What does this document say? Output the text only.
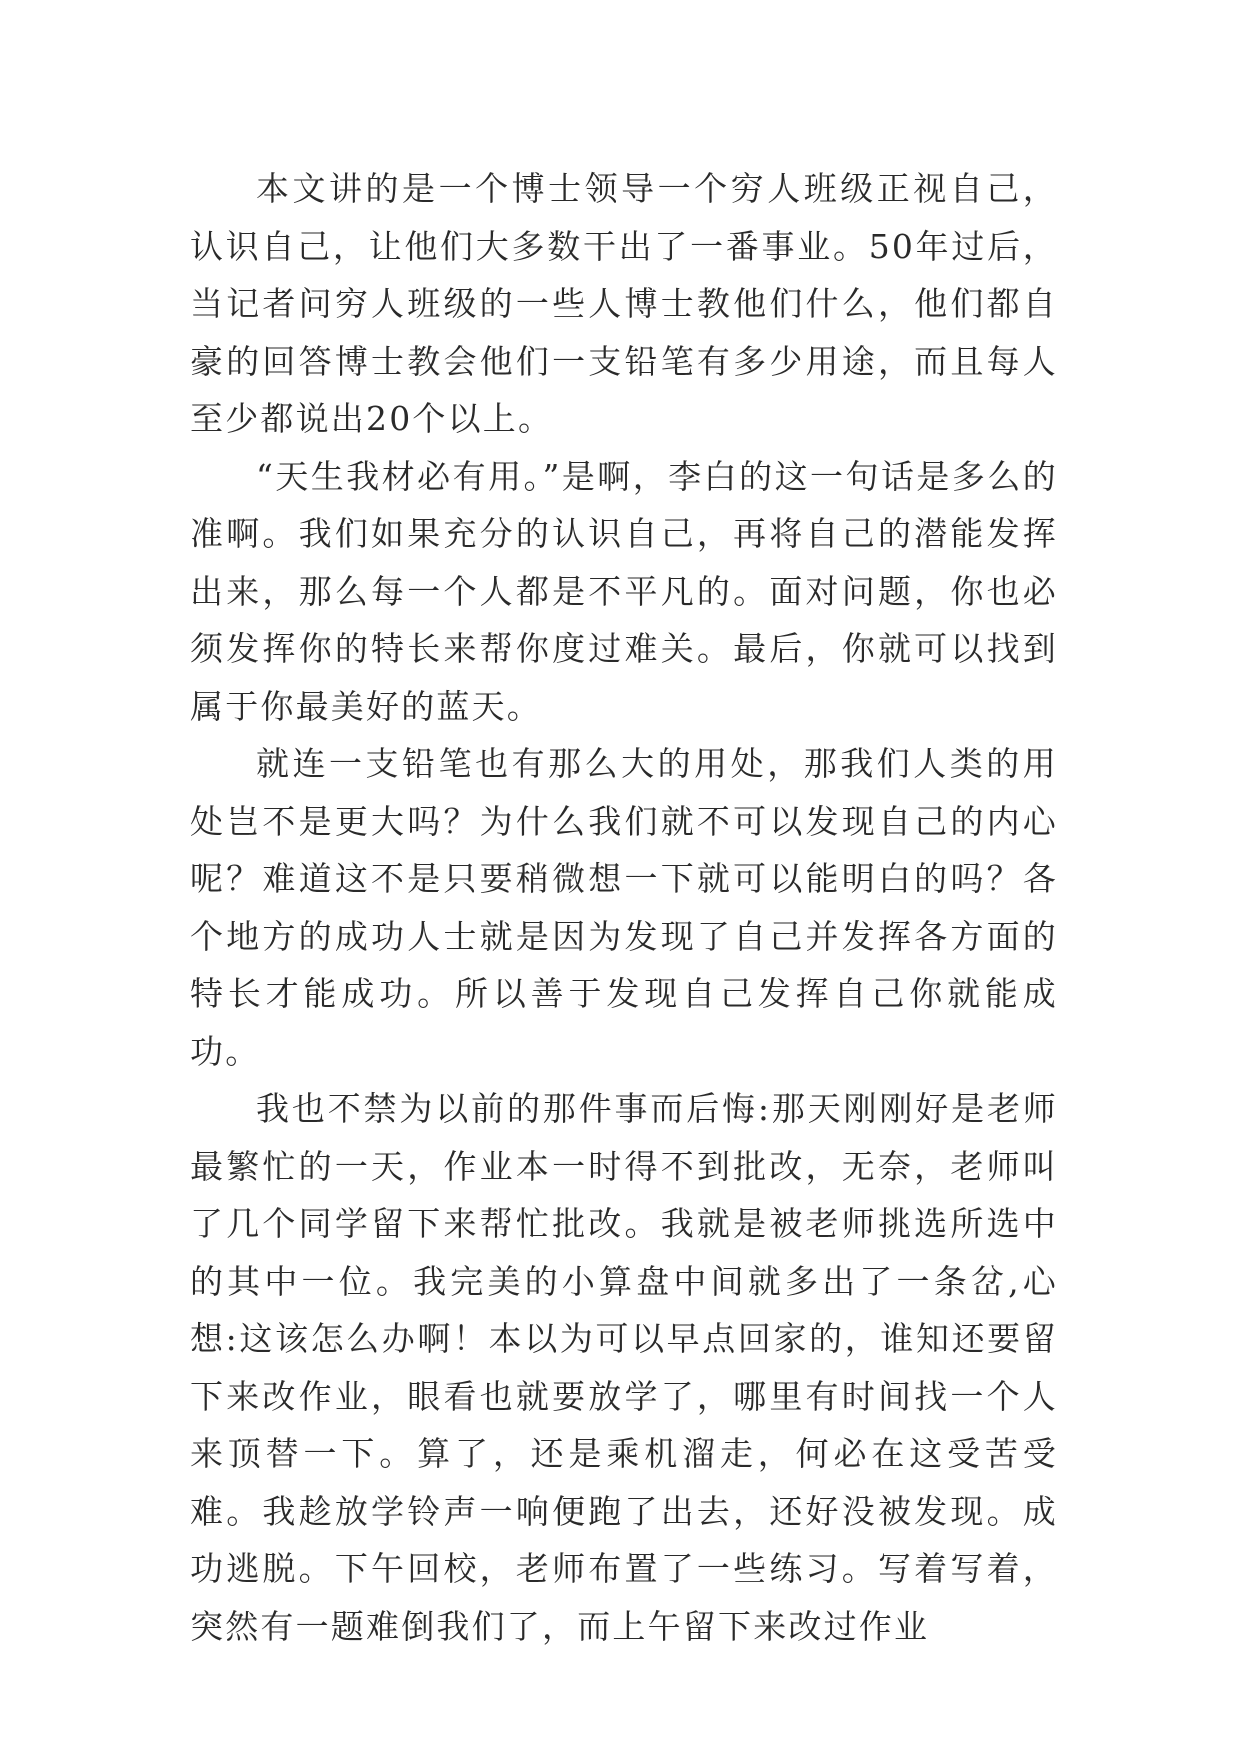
本文讲的是一个博士领导一个穷人班级正视自己，认识自己，让他们大多数干出了一番事业。50年过后，当记者问穷人班级的一些人博士教他们什么，他们都自豪的回答博士教会他们一支铅笔有多少用途，而且每人至少都说出20个以上。

“天生我材必有用。”是啊，李白的这一句话是多么的准啊。我们如果充分的认识自己，再将自己的潜能发挥出来，那么每一个人都是不平凡的。面对问题，你也必须发挥你的特长来帮你度过难关。最后，你就可以找到属于你最美好的蓝天。

就连一支铅笔也有那么大的用处，那我们人类的用处岂不是更大吗？为什么我们就不可以发现自己的内心呢？难道这不是只要稍微想一下就可以能明白的吗？各个地方的成功人士就是因为发现了自己并发挥各方面的特长才能成功。所以善于发现自己发挥自己你就能成功。

我也不禁为以前的那件事而后悔:那天刚刚好是老师最繁忙的一天，作业本一时得不到批改，无奈，老师叫了几个同学留下来帮忙批改。我就是被老师挑选所选中的其中一位。我完美的小算盘中间就多出了一条岔,心想:这该怎么办啊！本以为可以早点回家的，谁知还要留下来改作业，眼看也就要放学了，哪里有时间找一个人来顶替一下。算了，还是乘机溜走，何必在这受苦受难。我趁放学铃声一响便跑了出去，还好没被发现。成功逃脱。下午回校，老师布置了一些练习。写着写着，突然有一题难倒我们了，而上午留下来改过作业
